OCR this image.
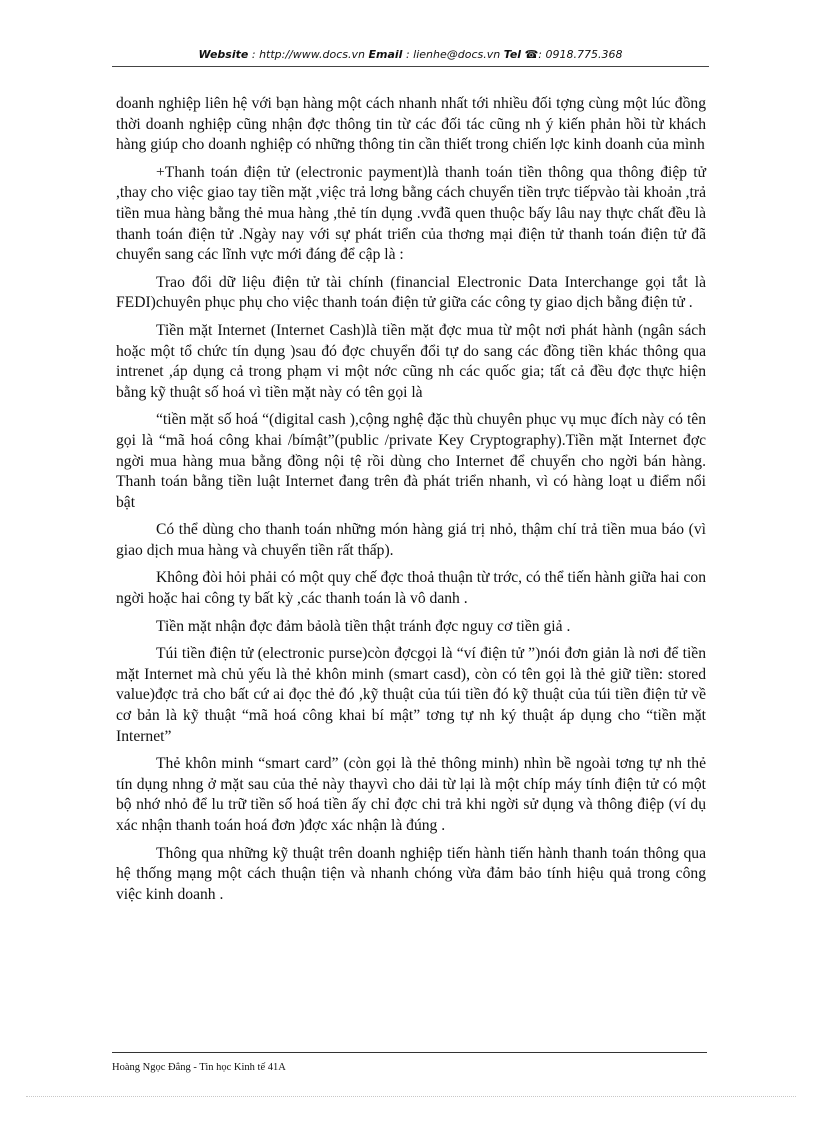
Website : http://www.docs.vn Email : lienhe@docs.vn Tel ☎: 0918.775.368

doanh nghiệp liên hệ với bạn hàng một cách nhanh nhất tới nhiều đối tợng cùng một lúc đồng thời doanh nghiệp cũng nhận đợc thông tin từ các đối tác cũng nh ý kiến phản hồi từ khách hàng giúp cho doanh nghiệp có những thông tin cần thiết trong chiến lợc kinh doanh của mình

+Thanh toán điện tử (electronic payment)là thanh toán tiền thông qua thông điệp tử ,thay cho việc giao tay tiền mặt ,việc trả lơng bằng cách chuyển tiền trực tiếpvào tài khoản ,trả tiền mua hàng bằng thẻ mua hàng ,thẻ tín dụng .vvđã quen thuộc bấy lâu nay thực chất đều là thanh toán điện tử .Ngày nay với sự phát triển của thơng mại điện tử thanh toán điện tử đã chuyển sang các lĩnh vực mới đáng để cập là :

Trao đổi dữ liệu điện tử tài chính (financial Electronic Data Interchange gọi tắt là FEDI)chuyên phục phụ cho việc thanh toán điện tử giữa các công ty giao dịch bằng điện tử .

Tiền mặt Internet (Internet Cash)là tiền mặt đợc mua từ một nơi phát hành (ngân sách hoặc một tổ chức tín dụng )sau đó đợc chuyển đổi tự do sang các đồng tiền khác thông qua intrenet ,áp dụng cả trong phạm vi một nớc cũng nh các quốc gia; tất cả đều đợc thực hiện bằng kỹ thuật số hoá vì tiền mặt này có tên gọi là

“tiền mặt số hoá “(digital cash ),cộng nghệ đặc thù chuyên phục vụ mục đích này có tên gọi là “mã hoá công khai /bímật”(public /private Key Cryptography).Tiền mặt Internet đợc ngời mua hàng mua bằng đồng nội tệ rồi dùng cho Internet để chuyển cho ngời bán hàng. Thanh toán bằng tiền luật Internet đang trên đà phát triển nhanh, vì có hàng loạt u điểm nổi bật

Có thể dùng cho thanh toán những món hàng giá trị nhỏ, thậm chí trả tiền mua báo (vì giao dịch mua hàng và chuyển tiền rất thấp).

Không đòi hỏi phải có một quy chế đợc thoả thuận từ trớc, có thể tiến hành giữa hai con ngời hoặc hai công ty bất kỳ ,các thanh toán là vô danh .

Tiền mặt nhận đợc đảm bảolà tiền thật tránh đợc nguy cơ tiền giả .

Túi tiền điện tử (electronic purse)còn đợcgọi là “ví điện tử ”)nói đơn giản là nơi để tiền mặt Internet mà chủ yếu là thẻ khôn minh (smart casd), còn có tên gọi là thẻ giữ tiền: stored value)đợc trả cho bất cứ ai đọc thẻ đó ,kỹ thuật của túi tiền đó kỹ thuật của túi tiền điện tử về cơ bản là kỹ thuật “mã hoá công khai bí mật” tơng tự nh ký thuật áp dụng cho “tiền mặt Internet”

Thẻ khôn minh “smart card” (còn gọi là thẻ thông minh) nhìn bề ngoài tơng tự nh thẻ tín dụng nhng ở mặt sau của thẻ này thayvì cho dải từ lại là một chíp máy tính điện tử có một bộ nhớ nhỏ để lu trữ tiền số hoá tiền ấy chỉ đợc chi trả khi ngời sử dụng và thông điệp (ví dụ xác nhận thanh toán hoá đơn )đợc xác nhận là đúng .

Thông qua những kỹ thuật trên doanh nghiệp tiến hành tiến hành thanh toán thông qua hệ thống mạng một cách thuận tiện và nhanh chóng vừa đảm bảo tính hiệu quả trong công việc kinh doanh .

Hoàng Ngọc Đẳng - Tin học Kinh tế 41A
